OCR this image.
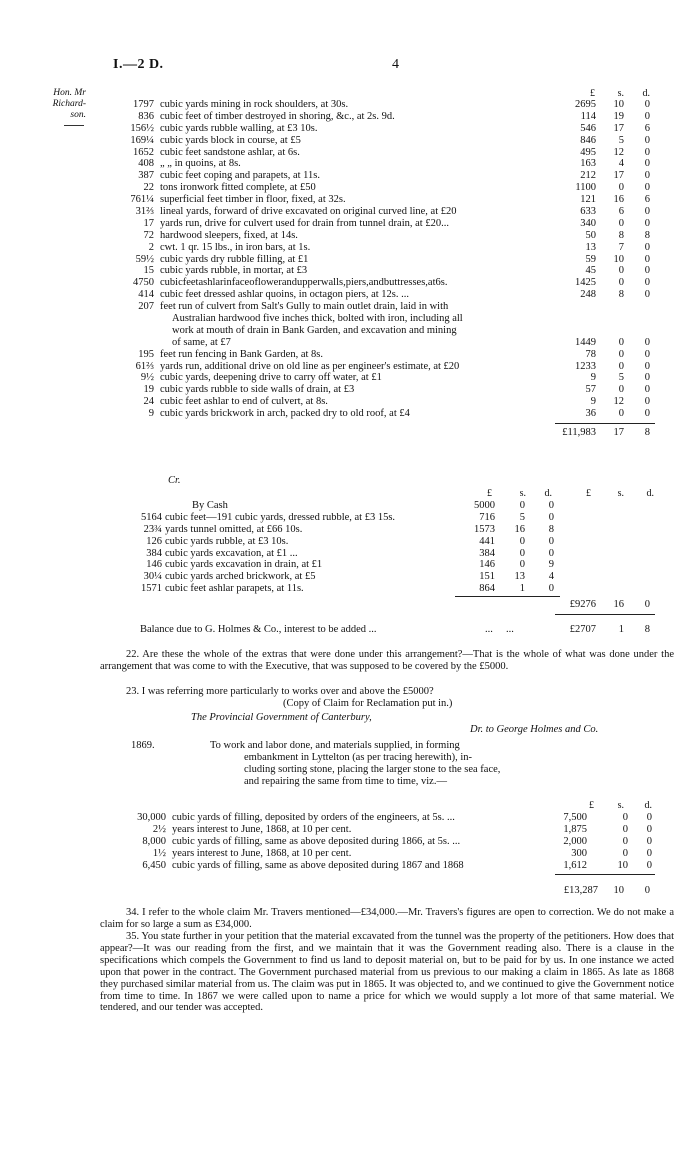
I.—2 D.	4
Hon. Mr Richard-
son.
£	s.	d.
1797 cubic yards mining in rock shoulders, at 30s.	2695	10	0
836 cubic feet of timber destroyed in shoring, &c., at 2s. 9d.	114	19	0
156½ cubic yards rubble walling, at £3 10s.	546	17	6
169¼ cubic yards block in course, at £5	846	5	0
1652 cubic feet sandstone ashlar, at 6s.	495	12	0
408 „ „ in quoins, at 8s.	163	4	0
387 cubic feet coping and parapets, at 11s.	212	17	0
22 tons ironwork fitted complete, at £50	1100	0	0
761¼ superficial feet timber in floor, fixed, at 32s.	121	16	6
31⅔ lineal yards, forward of drive excavated on original curved line, at £20	633	6	0
17 yards run, drive for culvert used for drain from tunnel drain, at £20...	340	0	0
72 hardwood sleepers, fixed, at 14s.	50	8	8
2 cwt. 1 qr. 15 lbs., in iron bars, at 1s.	13	7	0
59½ cubic yards dry rubble filling, at £1	59	10	0
15 cubic yards rubble, in mortar, at £3	45	0	0
4750 cubicfeetashlarinfaceoflowerandupperwalls,piers,andbuttresses,at6s.	1425	0	0
414 cubic feet dressed ashlar quoins, in octagon piers, at 12s. ...	248	8	0
207 feet run of culvert from Salt's Gully to main outlet drain, laid in with
Australian hardwood five inches thick, bolted with iron, including all
work at mouth of drain in Bank Garden, and excavation and mining
1449	0	0
of same, at £7
195 feet run fencing in Bank Garden, at 8s.	78	0	0
61⅔ yards run, additional drive on old line as per engineer's estimate, at £20	1233	0	0
9½ cubic yards, deepening drive to carry off water, at £1	9	5	0
19 cubic yards rubble to side walls of drain, at £3	57	0	0
24 cubic feet ashlar to end of culvert, at 8s.	9	12	0
9 cubic yards brickwork in arch, packed dry to old roof, at £4	36	0	0
£11,983	17	8
Cr.
£	s.	d.	£	s.	d.
By Cash	5000	0	0
5164 cubic feet—191 cubic yards, dressed rubble, at £3 15s.	716	5	0
23¾ yards tunnel omitted, at £66 10s.	1573	16	8
126 cubic yards rubble, at £3 10s.	441	0	0
384 cubic yards excavation, at £1 ...	384	0	0
146 cubic yards excavation in drain, at £1	146	0	9
30¼ cubic yards arched brickwork, at £5	151	13	4
1571 cubic feet ashlar parapets, at 11s.	864	1	0
£9276	16	0
Balance due to G. Holmes & Co., interest to be added ...	...     ...	£2707	1	8

22. Are these the whole of the extras that were done under this arrangement?—That is the whole of what was done under the arrangement that was come to with the Executive, that was supposed to be covered by the £5000.

23. I was referring more particularly to works over and above the £5000?

(Copy of Claim for Reclamation put in.)
The Provincial Government of Canterbury,
Dr. to George Holmes and Co.
1869.	To work and labor done, and materials supplied, in forming
embankment in Lyttelton (as per tracing herewith), in-
cluding sorting stone, placing the larger stone to the sea face,
and repairing the same from time to time, viz.—
£	s.	d.
30,000 cubic yards of filling, deposited by orders of the engineers, at 5s. ...	7,500	0	0
2½ years interest to June, 1868, at 10 per cent.	1,875	0	0
8,000 cubic yards of filling, same as above deposited during 1866, at 5s. ...	2,000	0	0
1½ years interest to June, 1868, at 10 per cent.	300	0	0
6,450 cubic yards of filling, same as above deposited during 1867 and 1868	1,612	10	0
£13,287	10	0

34. I refer to the whole claim Mr. Travers mentioned—£34,000.—Mr. Travers's figures are open to correction. We do not make a claim for so large a sum as £34,000.

35. You state further in your petition that the material excavated from the tunnel was the property of the petitioners. How does that appear?—It was our reading from the first, and we maintain that it was the Government reading also. There is a clause in the specifications which compels the Government to find us land to deposit material on, but to be paid for by us. In one instance we acted upon that power in the contract. The Government purchased material from us previous to our making a claim in 1865. As late as 1868 they purchased similar material from us. The claim was put in 1865. It was objected to, and we continued to give the Government notice from time to time. In 1867 we were called upon to name a price for which we would supply a lot more of that same material. We tendered, and our tender was accepted.
